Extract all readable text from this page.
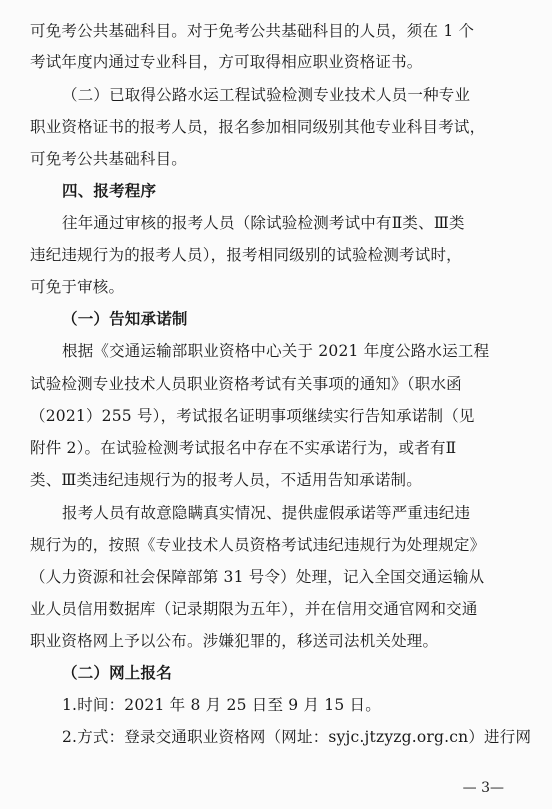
可免考公共基础科目。对于免考公共基础科目的人员，须在 1 个
考试年度内通过专业科目，方可取得相应职业资格证书。
（二）已取得公路水运工程试验检测专业技术人员一种专业
职业资格证书的报考人员，报名参加相同级别其他专业科目考试，
可免考公共基础科目。
四、报考程序
往年通过审核的报考人员（除试验检测考试中有Ⅱ类、Ⅲ类
违纪违规行为的报考人员），报考相同级别的试验检测考试时，
可免于审核。
（一）告知承诺制
根据《交通运输部职业资格中心关于 2021 年度公路水运工程
试验检测专业技术人员职业资格考试有关事项的通知》（职水函
（2021）255 号），考试报名证明事项继续实行告知承诺制（见
附件 2）。在试验检测考试报名中存在不实承诺行为，或者有Ⅱ
类、Ⅲ类违纪违规行为的报考人员，不适用告知承诺制。
报考人员有故意隐瞒真实情况、提供虚假承诺等严重违纪违
规行为的，按照《专业技术人员资格考试违纪违规行为处理规定》
（人力资源和社会保障部第 31 号令）处理，记入全国交通运输从
业人员信用数据库（记录期限为五年），并在信用交通官网和交通
职业资格网上予以公布。涉嫌犯罪的，移送司法机关处理。
（二）网上报名
1.时间：2021 年 8 月 25 日至 9 月 15 日。
2.方式：登录交通职业资格网（网址：syjc.jtzyzg.org.cn）进行网
— 3—
